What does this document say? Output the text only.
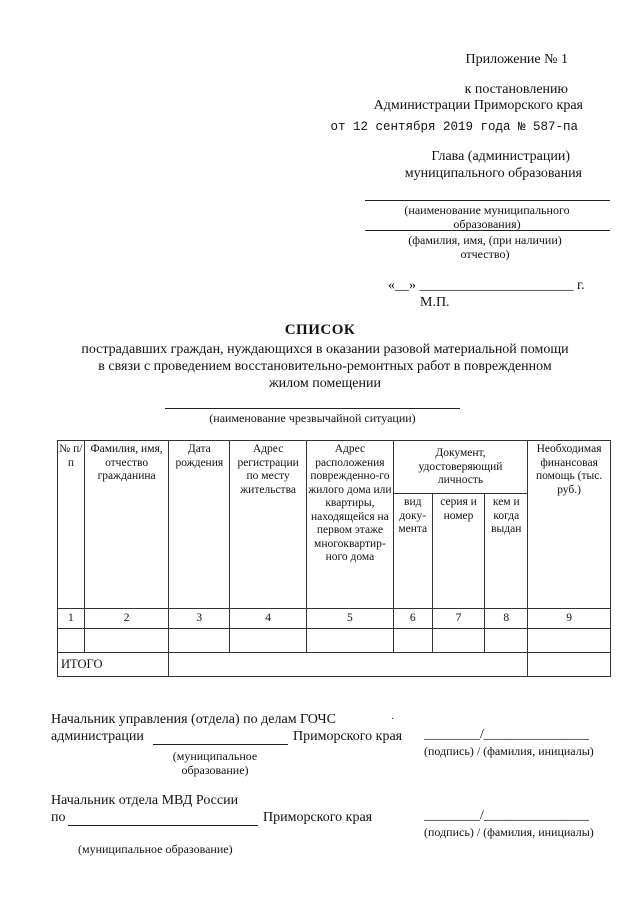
Приложение № 1
к постановлению
Администрации Приморского края
от 12 сентября 2019 года № 587-па
Глава (администрации)
муниципального образования
(наименование муниципального образования)
(фамилия, имя, (при наличии) отчество)
«__» ______________________ г.
М.П.
СПИСОК
пострадавших граждан, нуждающихся в оказании разовой материальной помощи в связи с проведением восстановительно-ремонтных работ в поврежденном жилом помещении
(наименование чрезвычайной ситуации)
№ п/п	Фамилия, имя, отчество гражданина	Дата рождения	Адрес регистрации по месту жительства	Адрес расположения поврежденно-го жилого дома или квартиры, находящейся на первом этаже многоквартир-ного дома	Документ, удостоверяющий личность			Необходимая финансовая помощь (тыс. руб.)
					вид доку-мента	серия и номер	кем и когда выдан	
1	2	3	4	5	6	7	8	9

ИТОГО								
Начальник управления (отдела) по делам ГОЧС	·
администрации	Приморского края
(муниципальное образование)
________/_______________
(подпись) / (фамилия, инициалы)
Начальник отдела МВД России
по	Приморского края	________/_______________
(подпись) / (фамилия, инициалы)
(муниципальное образование)
